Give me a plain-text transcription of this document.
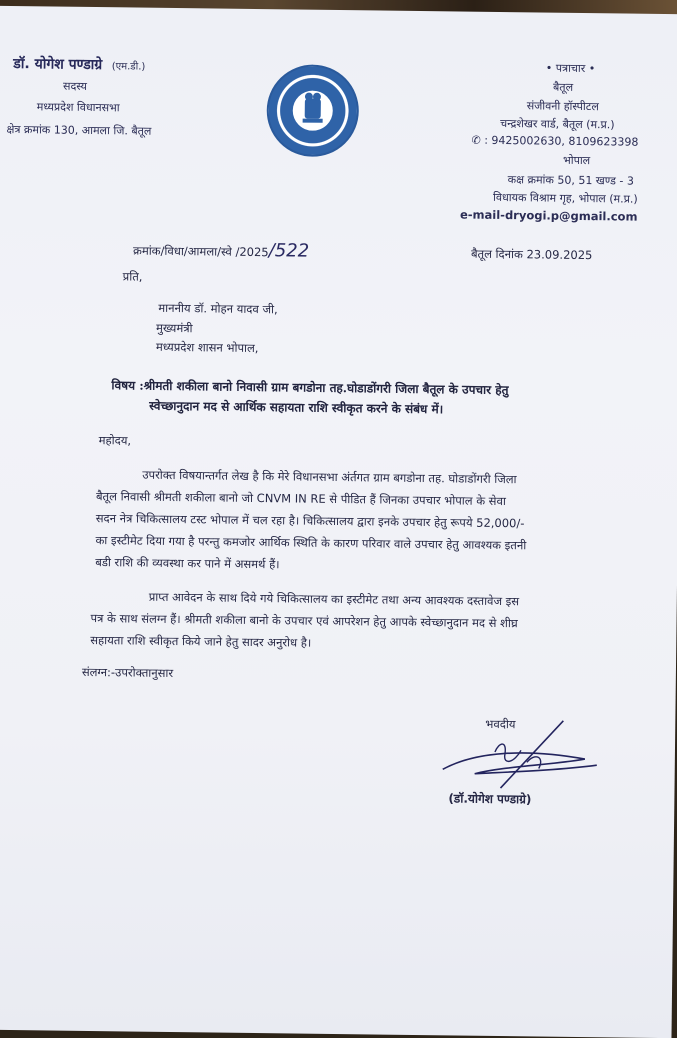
डॉ. योगेश पण्डाग्रे (एम.डी.)
सदस्य
मध्यप्रदेश विधानसभा
क्षेत्र क्रमांक 130, आमला जि. बैतूल
• पत्राचार •
बैतूल
संजीवनी हॉस्पीटल
चन्द्रशेखर वार्ड, बैतूल (म.प्र.)
✆ : 9425002630, 8109623398
भोपाल
कक्ष क्रमांक 50, 51 खण्ड - 3
विधायक विश्राम गृह, भोपाल (म.प्र.)
e-mail-dryogi.p@gmail.com
क्रमांक/विधा/आमला/स्वे /2025/522	बैतूल दिनांक 23.09.2025
प्रति,
माननीय डॉ. मोहन यादव जी,
मुख्यमंत्री
मध्यप्रदेश शासन भोपाल,
विषय :श्रीमती शकीला बानो निवासी ग्राम बगडोना तह.घोडाडोंगरी जिला बैतूल के उपचार हेतु
स्वेच्छानुदान मद से आर्थिक सहायता राशि स्वीकृत करने के संबंध में।
महोदय,
उपरोक्त विषयान्तर्गत लेख है कि मेरे विधानसभा अंर्तगत ग्राम बगडोना तह. घोडाडोंगरी जिला
बैतूल निवासी श्रीमती शकीला बानो जो CNVM IN RE से पीडित हैं जिनका उपचार भोपाल के सेवा
सदन नेत्र चिकित्सालय टस्ट भोपाल में चल रहा है। चिकित्सालय द्वारा इनके उपचार हेतु रूपये 52,000/-
का इस्टीमेट दिया गया है परन्तु कमजोर आर्थिक स्थिति के कारण परिवार वाले उपचार हेतु आवश्यक इतनी
बडी राशि की व्यवस्था कर पाने में असमर्थ हैं।
प्राप्त आवेदन के साथ दिये गये चिकित्सालय का इस्टीमेट तथा अन्य आवश्यक दस्तावेज इस
पत्र के साथ संलग्न हैं। श्रीमती शकीला बानो के उपचार एवं आपरेशन हेतु आपके स्वेच्छानुदान मद से शीघ्र
सहायता राशि स्वीकृत किये जाने हेतु सादर अनुरोध है।
संलग्न:-उपरोक्तानुसार
भवदीय
(डॉ.योगेश पण्डाग्रे)
